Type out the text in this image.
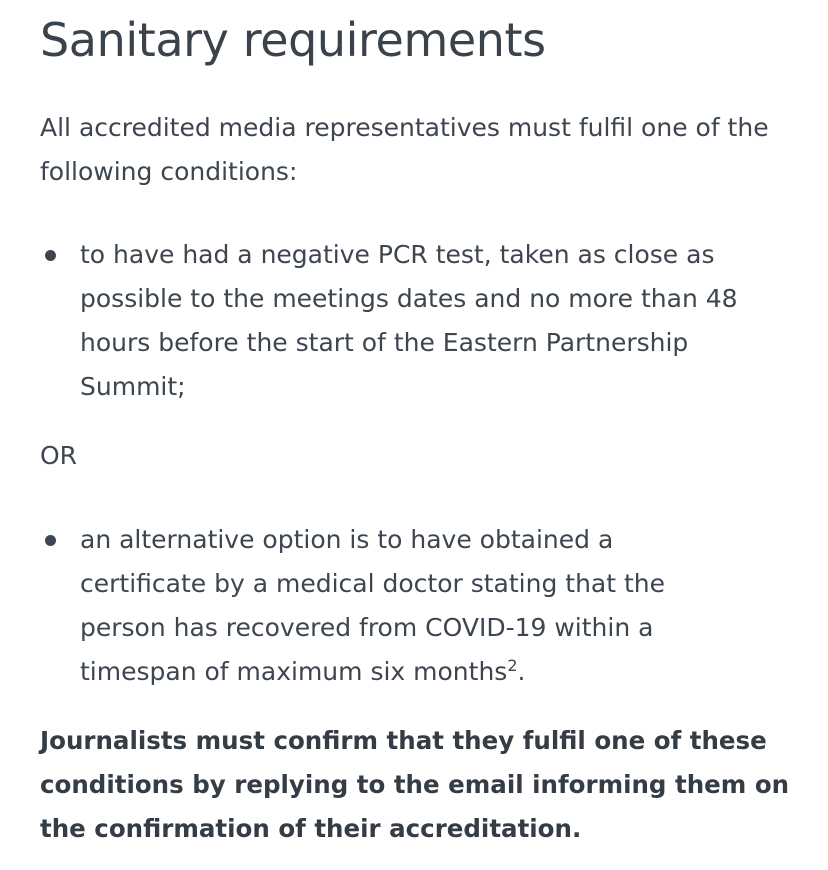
Sanitary requirements

All accredited media representatives must fulfil one of the following conditions:

to have had a negative PCR test, taken as close as possible to the meetings dates and no more than 48 hours before the start of the Eastern Partnership Summit;

OR

an alternative option is to have obtained a certificate by a medical doctor stating that the person has recovered from COVID-19 within a timespan of maximum six months$^2$.

Journalists must confirm that they fulfil one of these conditions by replying to the email informing them on the confirmation of their accreditation.
